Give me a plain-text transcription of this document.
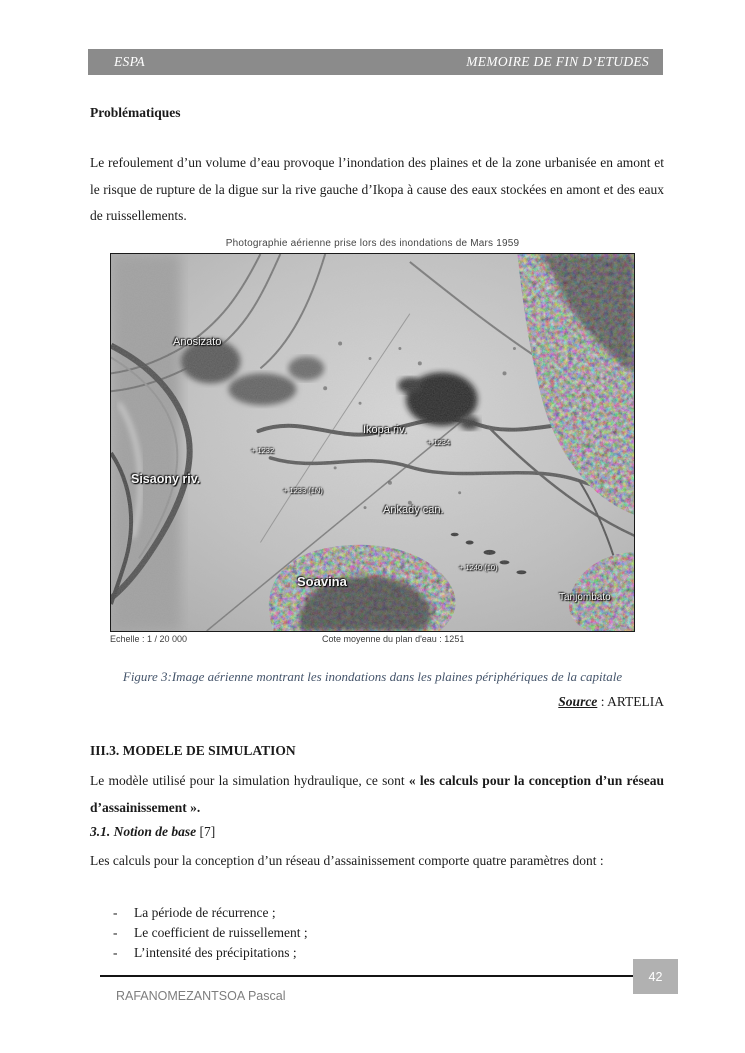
ESPA	MEMOIRE DE FIN D’ETUDES
Problématiques

Le refoulement d’un volume d’eau provoque l’inondation des plaines et de la zone urbanisée en amont et le risque de rupture de la digue sur la rive gauche d’Ikopa à cause des eaux stockées en amont et des eaux de ruissellements.

Photographie aérienne prise lors des inondations de Mars 1959
Anosizato
Ikopa riv.
+ 1234
+ 1232
Sisaony riv.
+ 1233 (1N)
Ankady can.
Soavina
+ 1240 (10)
Tanjombato
Echelle : 1 / 20 000	Cote moyenne du plan d'eau : 1251
Figure 3:Image aérienne montrant les inondations dans les plaines périphériques de la capitale
Source : ARTELIA
III.3. MODELE DE SIMULATION

Le modèle utilisé pour la simulation hydraulique, ce sont « les calculs pour la conception d’un réseau d’assainissement ».

3.1. Notion de base [7]

Les calculs pour la conception d’un réseau d’assainissement comporte quatre paramètres dont :

- La période de récurrence ;
- Le coefficient de ruissellement ;
- L’intensité des précipitations ;
42
RAFANOMEZANTSOA Pascal
